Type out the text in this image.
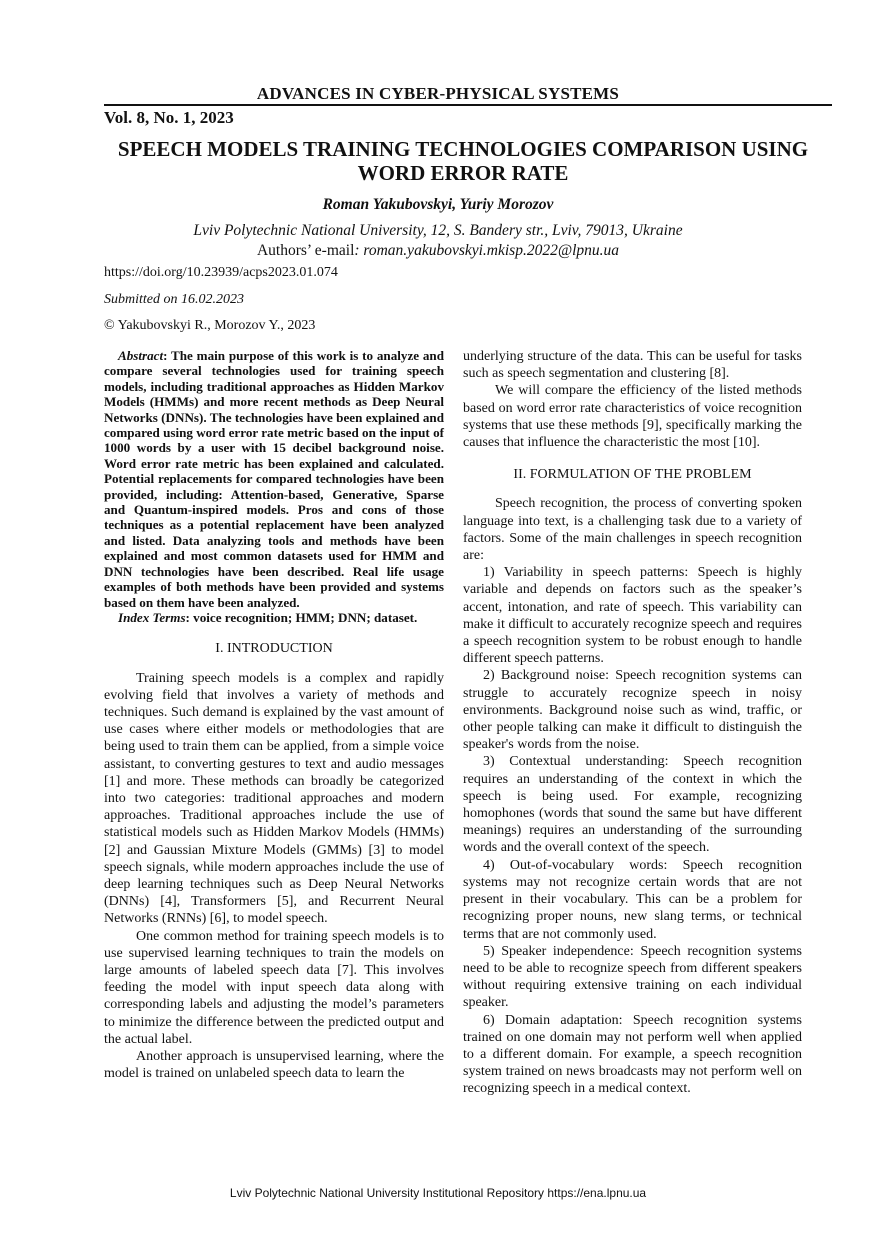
ADVANCES IN CYBER-PHYSICAL SYSTEMS
Vol. 8, No. 1, 2023
SPEECH MODELS TRAINING TECHNOLOGIES COMPARISON USING WORD ERROR RATE
Roman Yakubovskyi, Yuriy Morozov
Lviv Polytechnic National University, 12, S. Bandery str., Lviv, 79013, Ukraine
Authors’ e-mail: roman.yakubovskyi.mkisp.2022@lpnu.ua
https://doi.org/10.23939/acps2023.01.074
Submitted on 16.02.2023
© Yakubovskyi R., Morozov Y., 2023

Abstract: The main purpose of this work is to analyze and compare several technologies used for training speech models, including traditional approaches as Hidden Markov Models (HMMs) and more recent methods as Deep Neural Networks (DNNs). The technologies have been explained and compared using word error rate metric based on the input of 1000 words by a user with 15 decibel background noise. Word error rate metric has been explained and calculated. Potential replacements for compared technologies have been provided, including: Attention-based, Generative, Sparse and Quantum-inspired models. Pros and cons of those techniques as a potential replacement have been analyzed and listed. Data analyzing tools and methods have been explained and most common datasets used for HMM and DNN technologies have been described. Real life usage examples of both methods have been provided and systems based on them have been analyzed.

Index Terms: voice recognition; HMM; DNN; dataset.

I. INTRODUCTION

Training speech models is a complex and rapidly evolving field that involves a variety of methods and techniques. Such demand is explained by the vast amount of use cases where either models or methodologies that are being used to train them can be applied, from a simple voice assistant, to converting gestures to text and audio messages [1] and more. These methods can broadly be categorized into two categories: traditional approaches and modern approaches. Traditional approaches include the use of statistical models such as Hidden Markov Models (HMMs) [2] and Gaussian Mixture Models (GMMs) [3] to model speech signals, while modern approaches include the use of deep learning techniques such as Deep Neural Networks (DNNs) [4], Transformers [5], and Recurrent Neural Networks (RNNs) [6], to model speech.

One common method for training speech models is to use supervised learning techniques to train the models on large amounts of labeled speech data [7]. This involves feeding the model with input speech data along with corresponding labels and adjusting the model’s parameters to minimize the difference between the predicted output and the actual label.

Another approach is unsupervised learning, where the model is trained on unlabeled speech data to learn the

underlying structure of the data. This can be useful for tasks such as speech segmentation and clustering [8].

We will compare the efficiency of the listed methods based on word error rate characteristics of voice recognition systems that use these methods [9], specifically marking the causes that influence the characteristic the most [10].

II. FORMULATION OF THE PROBLEM

Speech recognition, the process of converting spoken language into text, is a challenging task due to a variety of factors. Some of the main challenges in speech recognition are:

1) Variability in speech patterns: Speech is highly variable and depends on factors such as the speaker’s accent, intonation, and rate of speech. This variability can make it difficult to accurately recognize speech and requires a speech recognition system to be robust enough to handle different speech patterns.

2) Background noise: Speech recognition systems can struggle to accurately recognize speech in noisy environments. Background noise such as wind, traffic, or other people talking can make it difficult to distinguish the speaker's words from the noise.

3) Contextual understanding: Speech recognition requires an understanding of the context in which the speech is being used. For example, recognizing homophones (words that sound the same but have different meanings) requires an understanding of the surrounding words and the overall context of the speech.

4) Out-of-vocabulary words: Speech recognition systems may not recognize certain words that are not present in their vocabulary. This can be a problem for recognizing proper nouns, new slang terms, or technical terms that are not commonly used.

5) Speaker independence: Speech recognition systems need to be able to recognize speech from different speakers without requiring extensive training on each individual speaker.

6) Domain adaptation: Speech recognition systems trained on one domain may not perform well when applied to a different domain. For example, a speech recognition system trained on news broadcasts may not perform well on recognizing speech in a medical context.

Lviv Polytechnic National University Institutional Repository https://ena.lpnu.ua
